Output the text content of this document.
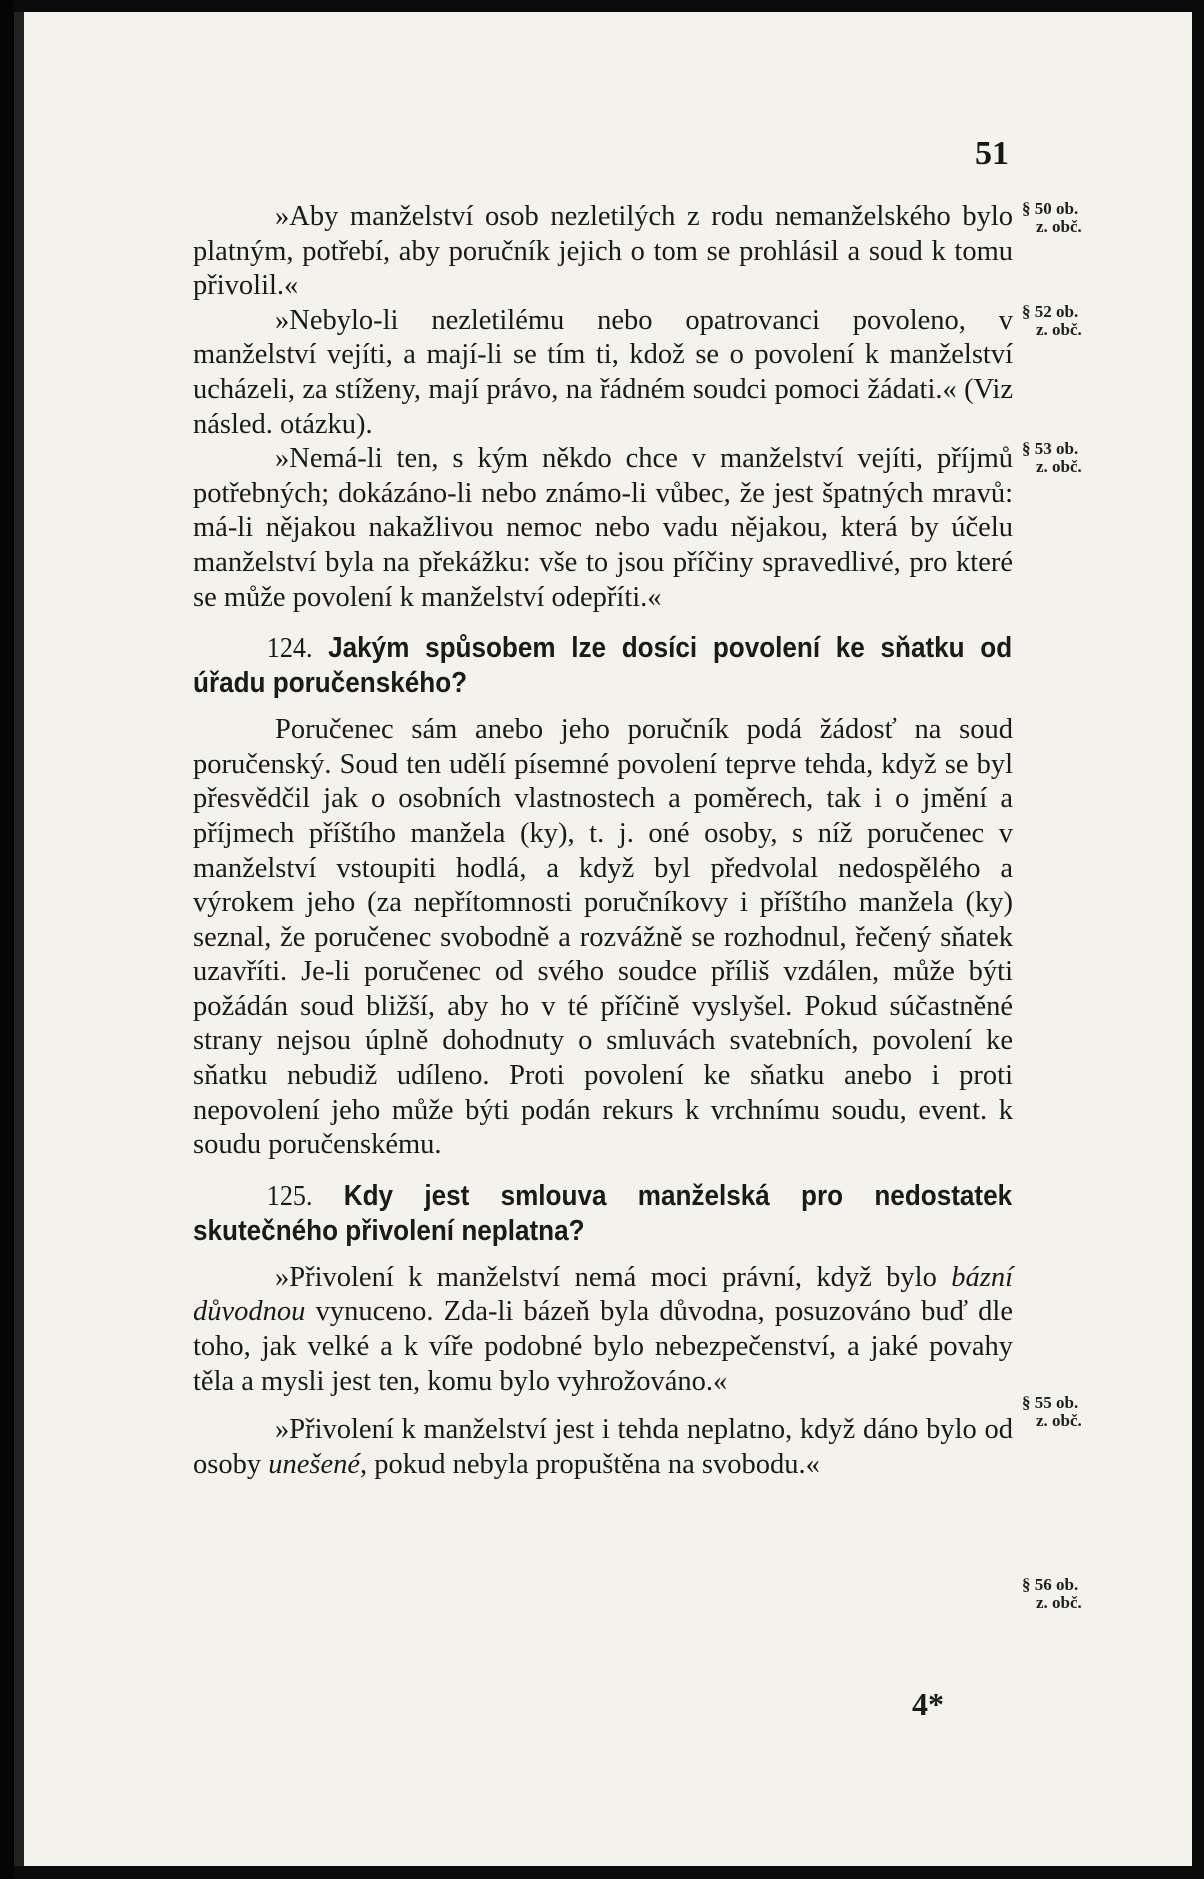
51
§ 50 ob.
z. obč.
§ 52 ob.
z. obč.
§ 53 ob.
z. obč.
§ 55 ob.
z. obč.
§ 56 ob.
z. obč.

»Aby manželství osob nezletilých z rodu nemanželského bylo platným, potřebí, aby poručník jejich o tom se prohlásil a soud k tomu přivolil.«

»Nebylo-li nezletilému nebo opatrovanci povoleno, v manželství vejíti, a mají-li se tím ti, kdož se o povolení k manželství ucházeli, za stíženy, mají právo, na řádném soudci pomoci žádati.« (Viz násled. otázku).

»Nemá-li ten, s kým někdo chce v manželství vejíti, příjmů potřebných; dokázáno-li nebo známo-li vůbec, že jest špatných mravů: má-li nějakou nakažlivou nemoc nebo vadu nějakou, která by účelu manželství byla na překážku: vše to jsou příčiny spravedlivé, pro které se může povolení k manželství odepříti.«

124. Jakým spůsobem lze dosíci povolení ke sňatku od úřadu poručenského?

Poručenec sám anebo jeho poručník podá žádosť na soud poručenský. Soud ten udělí písemné povolení teprve tehda, když se byl přesvědčil jak o osobních vlastnostech a poměrech, tak i o jmění a příjmech příštího manžela (ky), t. j. oné osoby, s níž poručenec v manželství vstoupiti hodlá, a když byl předvolal nedospělého a výrokem jeho (za nepřítomnosti poručníkovy i příštího manžela (ky) seznal, že poručenec svobodně a rozvážně se rozhodnul, řečený sňatek uzavříti. Je-li poručenec od svého soudce příliš vzdálen, může býti požádán soud bližší, aby ho v té příčině vyslyšel. Pokud súčastněné strany nejsou úplně dohodnuty o smluvách svatebních, povolení ke sňatku nebudiž udíleno. Proti povolení ke sňatku anebo i proti nepovolení jeho může býti podán rekurs k vrchnímu soudu, event. k soudu poručenskému.

125. Kdy jest smlouva manželská pro nedostatek skutečného přivolení neplatna?

»Přivolení k manželství nemá moci právní, když bylo bázní důvodnou vynuceno. Zda-li bázeň byla důvodna, posuzováno buď dle toho, jak velké a k víře podobné bylo nebezpečenství, a jaké povahy těla a mysli jest ten, komu bylo vyhrožováno.«

»Přivolení k manželství jest i tehda neplatno, když dáno bylo od osoby unešené, pokud nebyla propuštěna na svobodu.«

4*
